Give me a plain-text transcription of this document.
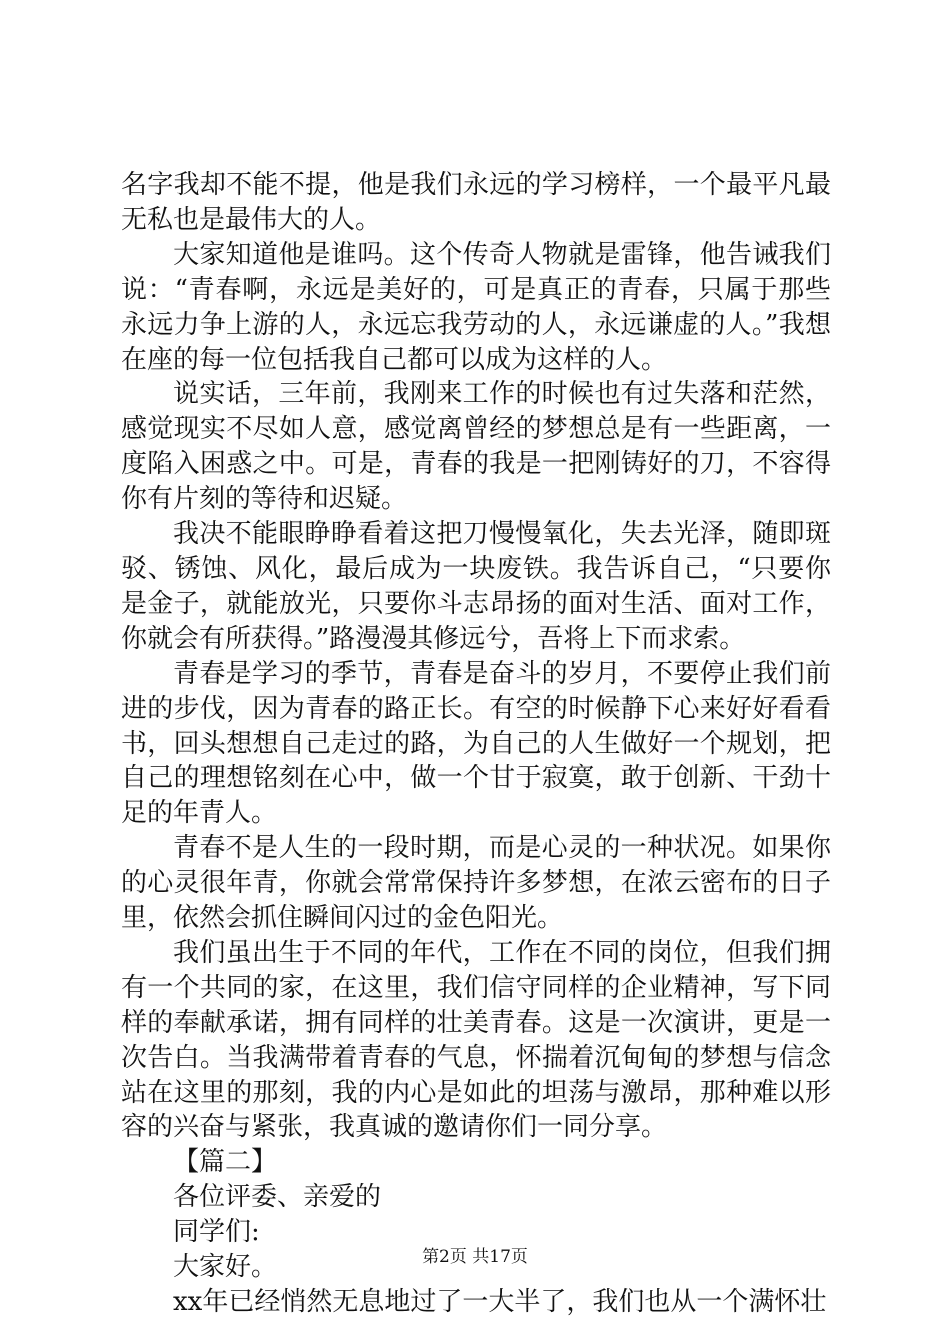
名字我却不能不提，他是我们永远的学习榜样，一个最平凡最无私也是最伟大的人。

大家知道他是谁吗。这个传奇人物就是雷锋，他告诫我们说：“青春啊，永远是美好的，可是真正的青春，只属于那些永远力争上游的人，永远忘我劳动的人，永远谦虚的人。”我想在座的每一位包括我自己都可以成为这样的人。

说实话，三年前，我刚来工作的时候也有过失落和茫然，感觉现实不尽如人意，感觉离曾经的梦想总是有一些距离，一度陷入困惑之中。可是，青春的我是一把刚铸好的刀，不容得你有片刻的等待和迟疑。

我决不能眼睁睁看着这把刀慢慢氧化，失去光泽，随即斑驳、锈蚀、风化，最后成为一块废铁。我告诉自己，“只要你是金子，就能放光，只要你斗志昂扬的面对生活、面对工作，你就会有所获得。”路漫漫其修远兮，吾将上下而求索。

青春是学习的季节，青春是奋斗的岁月，不要停止我们前进的步伐，因为青春的路正长。有空的时候静下心来好好看看书，回头想想自己走过的路，为自己的人生做好一个规划，把自己的理想铭刻在心中，做一个甘于寂寞，敢于创新、干劲十足的年青人。

青春不是人生的一段时期，而是心灵的一种状况。如果你的心灵很年青，你就会常常保持许多梦想，在浓云密布的日子里，依然会抓住瞬间闪过的金色阳光。

我们虽出生于不同的年代，工作在不同的岗位，但我们拥有一个共同的家，在这里，我们信守同样的企业精神，写下同样的奉献承诺，拥有同样的壮美青春。这是一次演讲，更是一次告白。当我满带着青春的气息，怀揣着沉甸甸的梦想与信念站在这里的那刻，我的内心是如此的坦荡与激昂，那种难以形容的兴奋与紧张，我真诚的邀请你们一同分享。

【篇二】

各位评委、亲爱的

同学们:

大家好。

xx年已经悄然无息地过了一大半了，我们也从一个满怀壮

第2页 共17页
